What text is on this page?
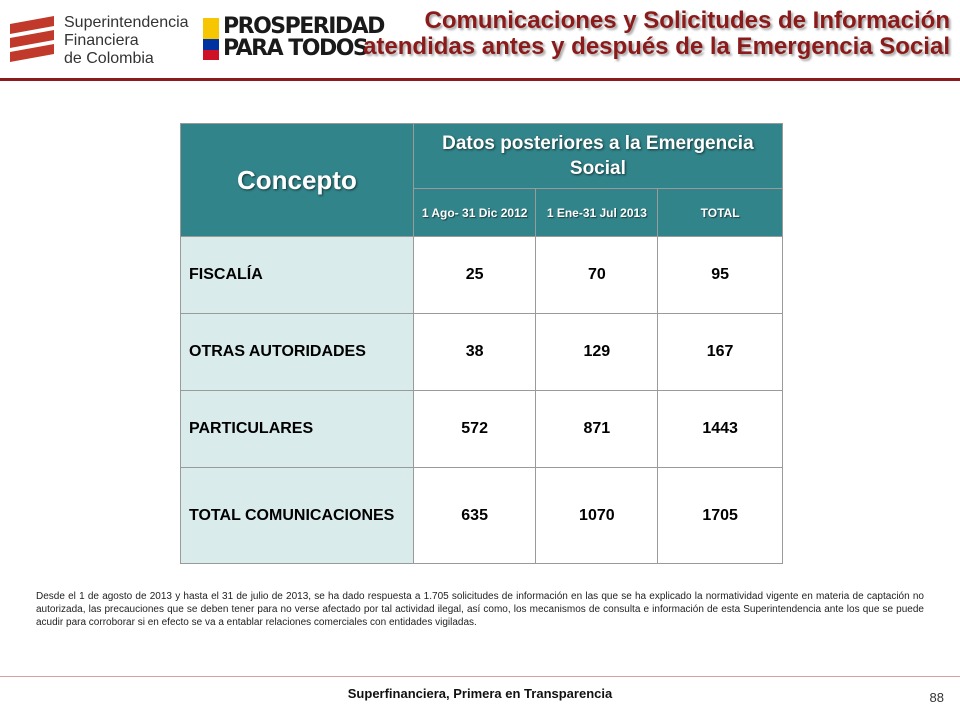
Superintendencia
Financiera
de Colombia
PROSPERIDAD
PARA TODOS
Comunicaciones y Solicitudes de Información
atendidas antes y después de la Emergencia Social
Concepto	Datos posteriores a la Emergencia Social		
	1 Ago- 31 Dic 2012	1 Ene-31 Jul 2013	TOTAL
FISCALÍA	25	70	95
OTRAS AUTORIDADES	38	129	167
PARTICULARES	572	871	1443
TOTAL COMUNICACIONES	635	1070	1705
Desde el 1 de agosto de 2013 y hasta el 31 de julio de 2013, se ha dado respuesta a 1.705 solicitudes de información en las que se ha explicado la normatividad vigente en materia de captación no autorizada, las precauciones que se deben tener para no verse afectado por tal actividad ilegal, así como, los mecanismos de consulta e información de esta Superintendencia ante los que se puede acudir para corroborar si en efecto se va a entablar relaciones comerciales con entidades vigiladas.
Superfinanciera, Primera en Transparencia	88
